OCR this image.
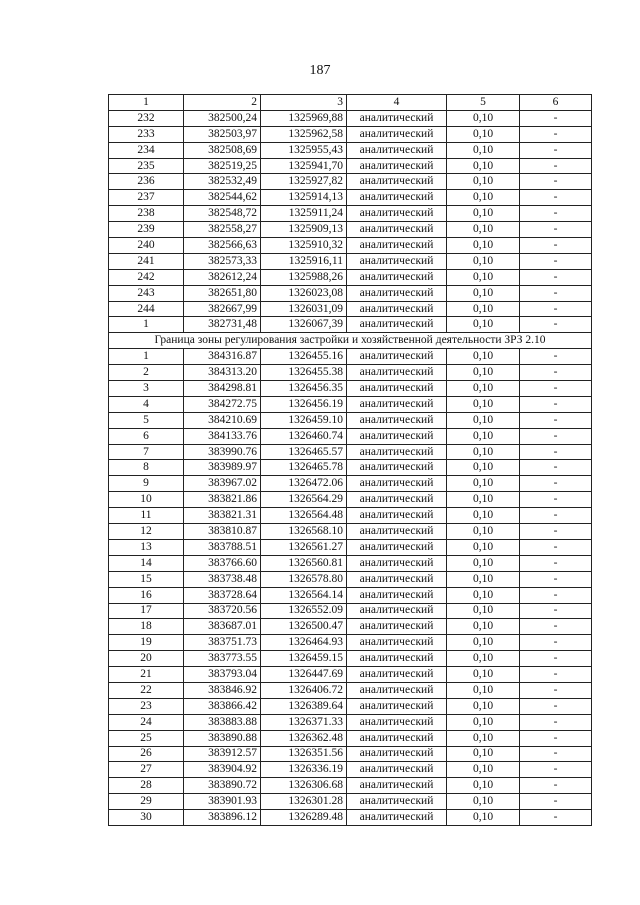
187
1	2	3	4	5	6
232	382500,24	1325969,88	аналитический	0,10	-
233	382503,97	1325962,58	аналитический	0,10	-
234	382508,69	1325955,43	аналитический	0,10	-
235	382519,25	1325941,70	аналитический	0,10	-
236	382532,49	1325927,82	аналитический	0,10	-
237	382544,62	1325914,13	аналитический	0,10	-
238	382548,72	1325911,24	аналитический	0,10	-
239	382558,27	1325909,13	аналитический	0,10	-
240	382566,63	1325910,32	аналитический	0,10	-
241	382573,33	1325916,11	аналитический	0,10	-
242	382612,24	1325988,26	аналитический	0,10	-
243	382651,80	1326023,08	аналитический	0,10	-
244	382667,99	1326031,09	аналитический	0,10	-
1	382731,48	1326067,39	аналитический	0,10	-
Граница зоны регулирования застройки и хозяйственной деятельности ЗРЗ 2.10					
1	384316.87	1326455.16	аналитический	0,10	-
2	384313.20	1326455.38	аналитический	0,10	-
3	384298.81	1326456.35	аналитический	0,10	-
4	384272.75	1326456.19	аналитический	0,10	-
5	384210.69	1326459.10	аналитический	0,10	-
6	384133.76	1326460.74	аналитический	0,10	-
7	383990.76	1326465.57	аналитический	0,10	-
8	383989.97	1326465.78	аналитический	0,10	-
9	383967.02	1326472.06	аналитический	0,10	-
10	383821.86	1326564.29	аналитический	0,10	-
11	383821.31	1326564.48	аналитический	0,10	-
12	383810.87	1326568.10	аналитический	0,10	-
13	383788.51	1326561.27	аналитический	0,10	-
14	383766.60	1326560.81	аналитический	0,10	-
15	383738.48	1326578.80	аналитический	0,10	-
16	383728.64	1326564.14	аналитический	0,10	-
17	383720.56	1326552.09	аналитический	0,10	-
18	383687.01	1326500.47	аналитический	0,10	-
19	383751.73	1326464.93	аналитический	0,10	-
20	383773.55	1326459.15	аналитический	0,10	-
21	383793.04	1326447.69	аналитический	0,10	-
22	383846.92	1326406.72	аналитический	0,10	-
23	383866.42	1326389.64	аналитический	0,10	-
24	383883.88	1326371.33	аналитический	0,10	-
25	383890.88	1326362.48	аналитический	0,10	-
26	383912.57	1326351.56	аналитический	0,10	-
27	383904.92	1326336.19	аналитический	0,10	-
28	383890.72	1326306.68	аналитический	0,10	-
29	383901.93	1326301.28	аналитический	0,10	-
30	383896.12	1326289.48	аналитический	0,10	-
